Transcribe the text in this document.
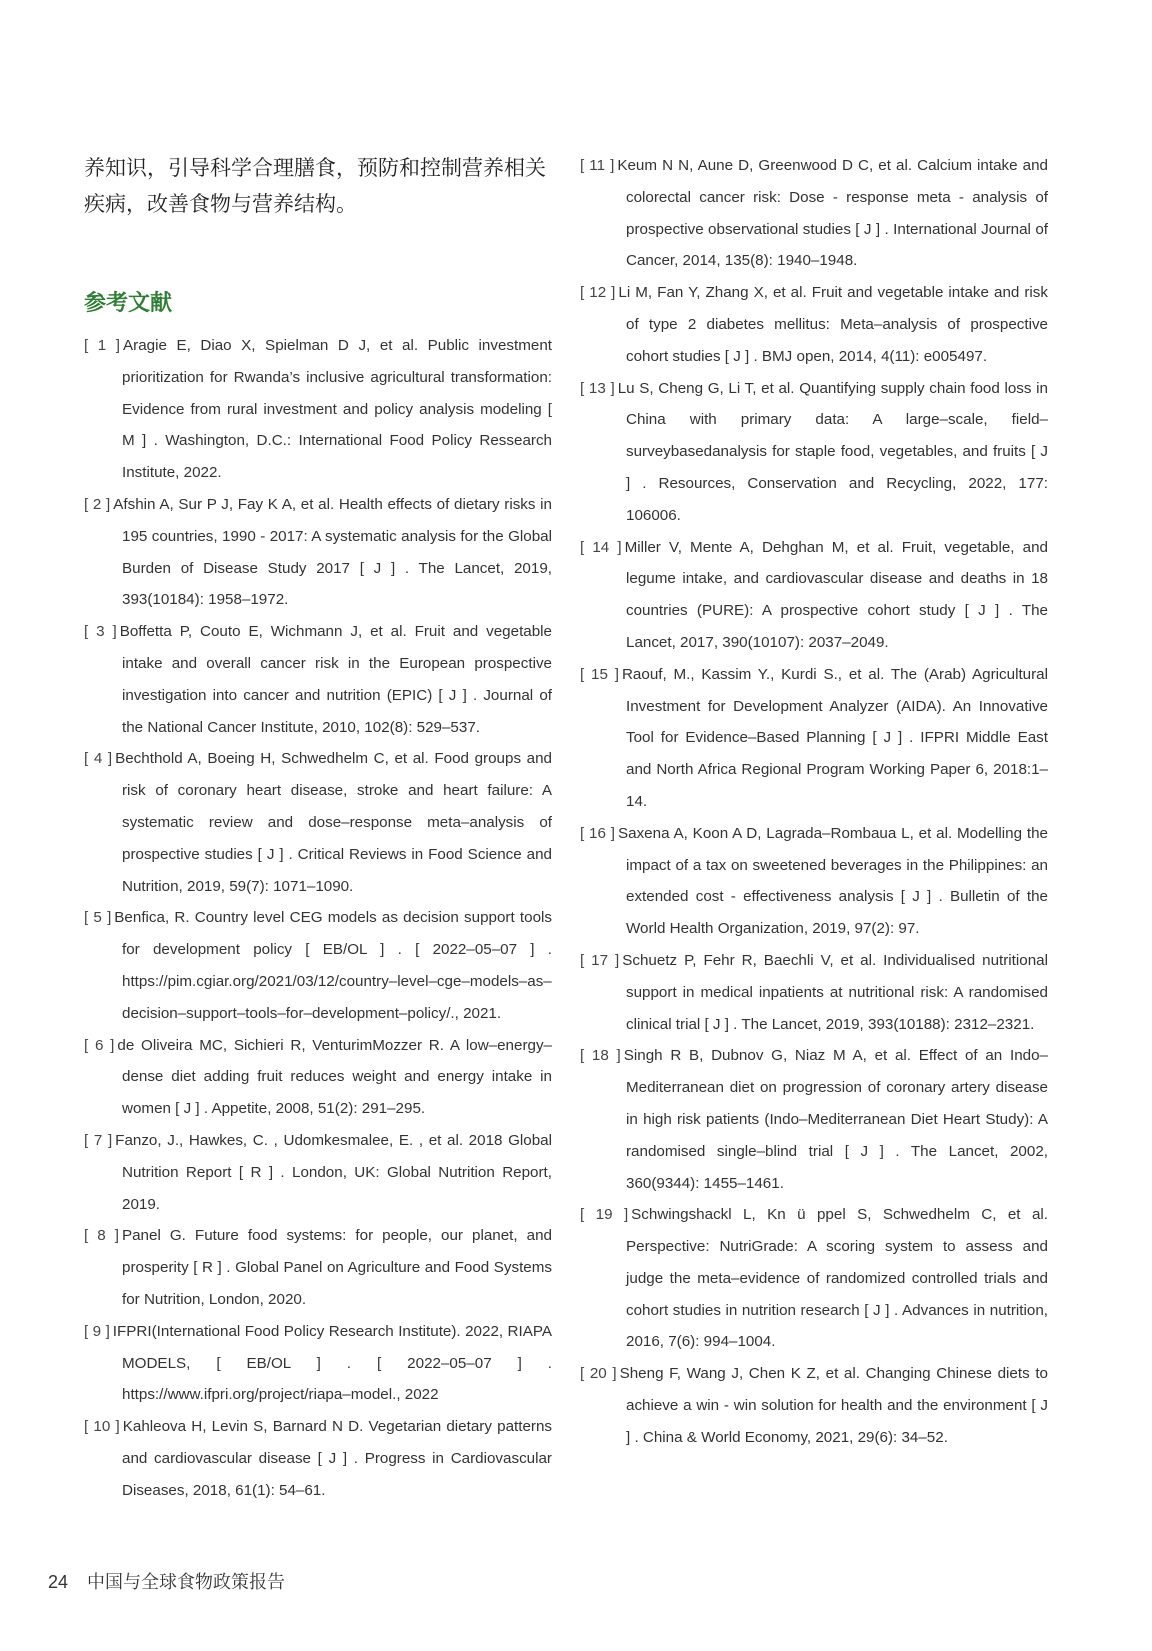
养知识，引导科学合理膳食，预防和控制营养相关疾病，改善食物与营养结构。

参考文献
[ 1 ] Aragie E, Diao X, Spielman D J, et al. Public investment prioritization for Rwanda’s inclusive agricultural transformation: Evidence from rural investment and policy analysis modeling [ M ] . Washington, D.C.: International Food Policy Ressearch Institute, 2022.
[ 2 ] Afshin A, Sur P J, Fay K A, et al. Health effects of dietary risks in 195 countries, 1990 - 2017: A systematic analysis for the Global Burden of Disease Study 2017 [ J ] . The Lancet, 2019, 393(10184): 1958–1972.
[ 3 ] Boffetta P, Couto E, Wichmann J, et al. Fruit and vegetable intake and overall cancer risk in the European prospective investigation into cancer and nutrition (EPIC) [ J ] . Journal of the National Cancer Institute, 2010, 102(8): 529–537.
[ 4 ] Bechthold A, Boeing H, Schwedhelm C, et al. Food groups and risk of coronary heart disease, stroke and heart failure: A systematic review and dose–response meta–analysis of prospective studies [ J ] . Critical Reviews in Food Science and Nutrition, 2019, 59(7): 1071–1090.
[ 5 ] Benfica, R. Country level CEG models as decision support tools for development policy [ EB/OL ] . [ 2022–05–07 ] . https://pim.cgiar.org/2021/03/12/country–level–cge–models–as–decision–support–tools–for–development–policy/., 2021.
[ 6 ] de Oliveira MC, Sichieri R, VenturimMozzer R. A low–energy–dense diet adding fruit reduces weight and energy intake in women [ J ] . Appetite, 2008, 51(2): 291–295.
[ 7 ] Fanzo, J., Hawkes, C. , Udomkesmalee, E. , et al. 2018 Global Nutrition Report [ R ] . London, UK: Global Nutrition Report, 2019.
[ 8 ] Panel G. Future food systems: for people, our planet, and prosperity [ R ] . Global Panel on Agriculture and Food Systems for Nutrition, London, 2020.
[ 9 ] IFPRI(International Food Policy Research Institute). 2022, RIAPA MODELS, [ EB/OL ] . [ 2022–05–07 ] . https://www.ifpri.org/project/riapa–model., 2022
[ 10 ] Kahleova H, Levin S, Barnard N D. Vegetarian dietary patterns and cardiovascular disease [ J ] . Progress in Cardiovascular Diseases, 2018, 61(1): 54–61.
[ 11 ] Keum N N, Aune D, Greenwood D C, et al. Calcium intake and colorectal cancer risk: Dose - response meta - analysis of prospective observational studies [ J ] . International Journal of Cancer, 2014, 135(8): 1940–1948.
[ 12 ] Li M, Fan Y, Zhang X, et al. Fruit and vegetable intake and risk of type 2 diabetes mellitus: Meta–analysis of prospective cohort studies [ J ] . BMJ open, 2014, 4(11): e005497.
[ 13 ] Lu S, Cheng G, Li T, et al. Quantifying supply chain food loss in China with primary data: A large–scale, field–surveybasedanalysis for staple food, vegetables, and fruits [ J ] . Resources, Conservation and Recycling, 2022, 177: 106006.
[ 14 ] Miller V, Mente A, Dehghan M, et al. Fruit, vegetable, and legume intake, and cardiovascular disease and deaths in 18 countries (PURE): A prospective cohort study [ J ] . The Lancet, 2017, 390(10107): 2037–2049.
[ 15 ] Raouf, M., Kassim Y., Kurdi S., et al. The (Arab) Agricultural Investment for Development Analyzer (AIDA). An Innovative Tool for Evidence–Based Planning [ J ] . IFPRI Middle East and North Africa Regional Program Working Paper 6, 2018:1–14.
[ 16 ] Saxena A, Koon A D, Lagrada–Rombaua L, et al. Modelling the impact of a tax on sweetened beverages in the Philippines: an extended cost - effectiveness analysis [ J ] . Bulletin of the World Health Organization, 2019, 97(2): 97.
[ 17 ] Schuetz P, Fehr R, Baechli V, et al. Individualised nutritional support in medical inpatients at nutritional risk: A randomised clinical trial [ J ] . The Lancet, 2019, 393(10188): 2312–2321.
[ 18 ] Singh R B, Dubnov G, Niaz M A, et al. Effect of an Indo–Mediterranean diet on progression of coronary artery disease in high risk patients (Indo–Mediterranean Diet Heart Study): A randomised single–blind trial [ J ] . The Lancet, 2002, 360(9344): 1455–1461.
[ 19 ] Schwingshackl L, Kn ü ppel S, Schwedhelm C, et al. Perspective: NutriGrade: A scoring system to assess and judge the meta–evidence of randomized controlled trials and cohort studies in nutrition research [ J ] . Advances in nutrition, 2016, 7(6): 994–1004.
[ 20 ] Sheng F, Wang J, Chen K Z, et al. Changing Chinese diets to achieve a win - win solution for health and the environment [ J ] . China & World Economy, 2021, 29(6): 34–52.
24 中国与全球食物政策报告
